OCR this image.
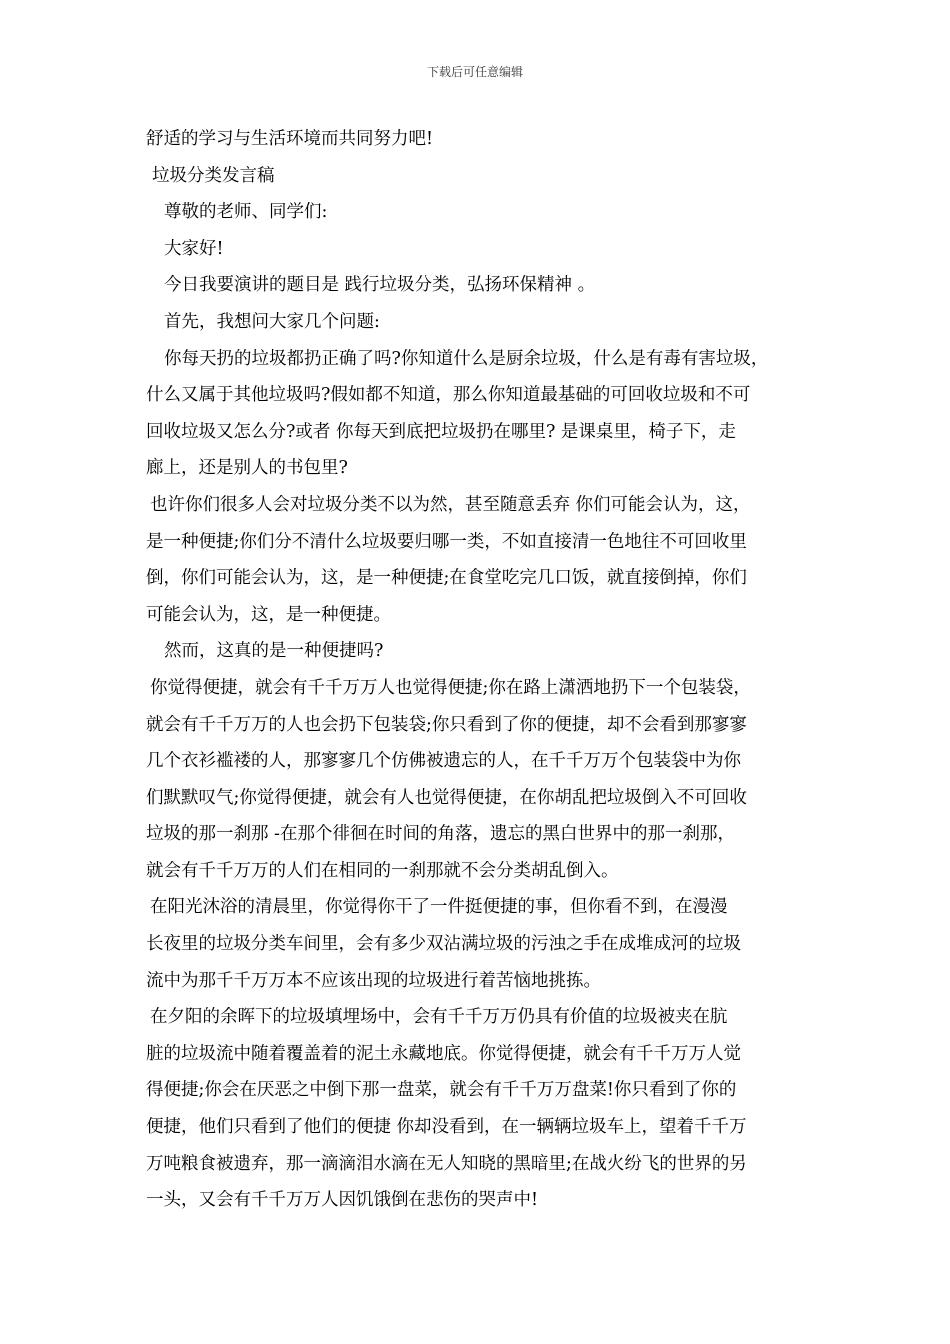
下载后可任意编辑

舒适的学习与生活环境而共同努力吧!

垃圾分类发言稿

尊敬的老师、同学们:

大家好!

今日我要演讲的题目是 践行垃圾分类，弘扬环保精神 。

首先，我想问大家几个问题:

你每天扔的垃圾都扔正确了吗?你知道什么是厨余垃圾，什么是有毒有害垃圾，

什么又属于其他垃圾吗?假如都不知道，那么你知道最基础的可回收垃圾和不可

回收垃圾又怎么分?或者 你每天到底把垃圾扔在哪里? 是课桌里，椅子下，走

廊上，还是别人的书包里?

也许你们很多人会对垃圾分类不以为然，甚至随意丢弃 你们可能会认为，这，

是一种便捷;你们分不清什么垃圾要归哪一类，不如直接清一色地往不可回收里

倒，你们可能会认为，这，是一种便捷;在食堂吃完几口饭，就直接倒掉，你们

可能会认为，这，是一种便捷。

然而，这真的是一种便捷吗?

你觉得便捷，就会有千千万万人也觉得便捷;你在路上潇洒地扔下一个包装袋，

就会有千千万万的人也会扔下包装袋;你只看到了你的便捷，却不会看到那寥寥

几个衣衫褴褛的人，那寥寥几个仿佛被遗忘的人，在千千万万个包装袋中为你

们默默叹气;你觉得便捷，就会有人也觉得便捷，在你胡乱把垃圾倒入不可回收

垃圾的那一刹那 -在那个徘徊在时间的角落，遗忘的黑白世界中的那一刹那，

就会有千千万万的人们在相同的一刹那就不会分类胡乱倒入。

在阳光沐浴的清晨里，你觉得你干了一件挺便捷的事，但你看不到，在漫漫

长夜里的垃圾分类车间里，会有多少双沾满垃圾的污浊之手在成堆成河的垃圾

流中为那千千万万本不应该出现的垃圾进行着苦恼地挑拣。

在夕阳的余晖下的垃圾填埋场中，会有千千万万仍具有价值的垃圾被夹在肮

脏的垃圾流中随着覆盖着的泥土永藏地底。你觉得便捷，就会有千千万万人觉

得便捷;你会在厌恶之中倒下那一盘菜，就会有千千万万盘菜!你只看到了你的

便捷，他们只看到了他们的便捷 你却没看到，在一辆辆垃圾车上，望着千千万

万吨粮食被遗弃，那一滴滴泪水滴在无人知晓的黑暗里;在战火纷飞的世界的另

一头，又会有千千万万人因饥饿倒在悲伤的哭声中!
